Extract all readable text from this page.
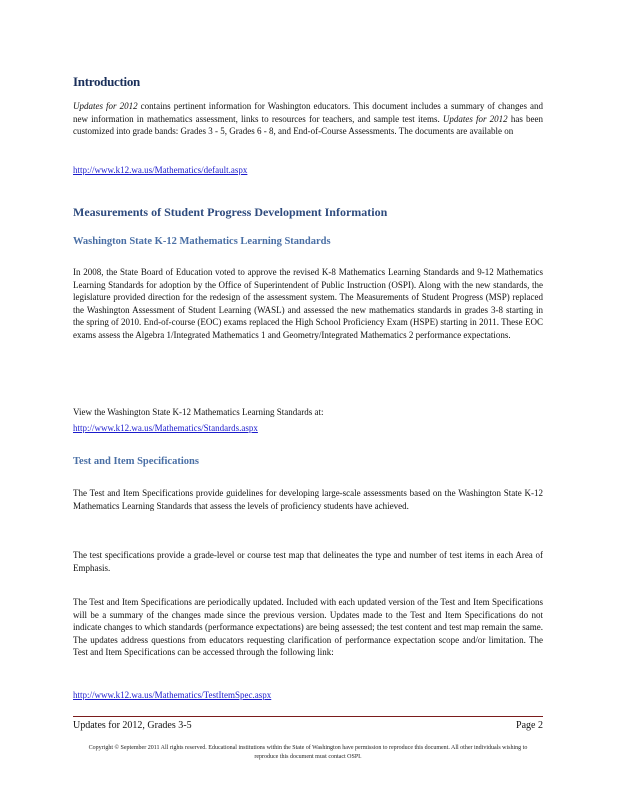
Introduction
Updates for 2012 contains pertinent information for Washington educators. This document includes a summary of changes and new information in mathematics assessment, links to resources for teachers, and sample test items. Updates for 2012 has been customized into grade bands: Grades 3 - 5, Grades 6 - 8, and End-of-Course Assessments. The documents are available on
http://www.k12.wa.us/Mathematics/default.aspx
Measurements of Student Progress Development Information
Washington State K-12 Mathematics Learning Standards
In 2008, the State Board of Education voted to approve the revised K-8 Mathematics Learning Standards and 9-12 Mathematics Learning Standards for adoption by the Office of Superintendent of Public Instruction (OSPI). Along with the new standards, the legislature provided direction for the redesign of the assessment system. The Measurements of Student Progress (MSP) replaced the Washington Assessment of Student Learning (WASL) and assessed the new mathematics standards in grades 3-8 starting in the spring of 2010. End-of-course (EOC) exams replaced the High School Proficiency Exam (HSPE) starting in 2011. These EOC exams assess the Algebra 1/Integrated Mathematics 1 and Geometry/Integrated Mathematics 2 performance expectations.
View the Washington State K-12 Mathematics Learning Standards at:
http://www.k12.wa.us/Mathematics/Standards.aspx
Test and Item Specifications
The Test and Item Specifications provide guidelines for developing large-scale assessments based on the Washington State K-12 Mathematics Learning Standards that assess the levels of proficiency students have achieved.
The test specifications provide a grade-level or course test map that delineates the type and number of test items in each Area of Emphasis.
The Test and Item Specifications are periodically updated. Included with each updated version of the Test and Item Specifications will be a summary of the changes made since the previous version. Updates made to the Test and Item Specifications do not indicate changes to which standards (performance expectations) are being assessed; the test content and test map remain the same. The updates address questions from educators requesting clarification of performance expectation scope and/or limitation. The Test and Item Specifications can be accessed through the following link:
http://www.k12.wa.us/Mathematics/TestItemSpec.aspx
Updates for 2012, Grades 3-5	Page 2
Copyright © September 2011 All rights reserved. Educational institutions within the State of Washington have permission to reproduce this document. All other individuals wishing to reproduce this document must contact OSPI.
